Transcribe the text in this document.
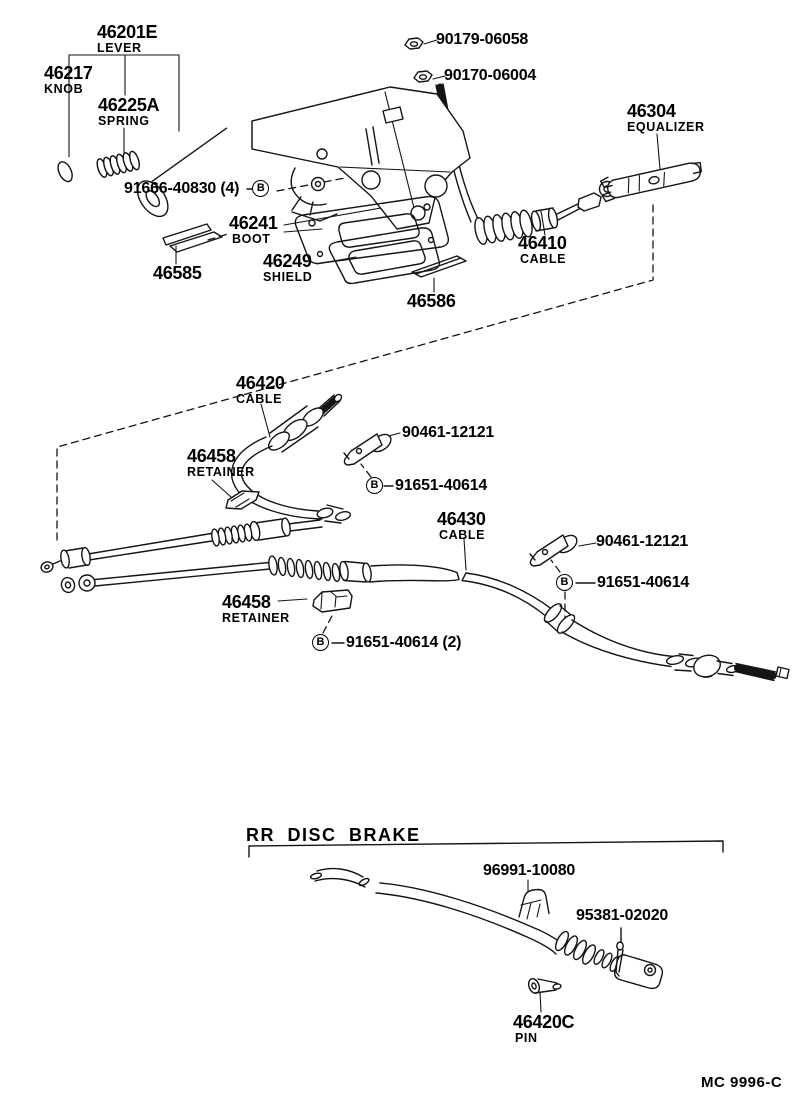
46201E
LEVER
46217
KNOB
46225A
SPRING
91666-40830 (4)	B
90179-06058
90170-06004
46304
EQUALIZER
46241
BOOT
46249
SHIELD
46585
46586
46410
CABLE
46420
CABLE
46458
RETAINER
90461-12121
B 91651-40614
46430
CABLE	90461-12121
B 91651-40614
46458
RETAINER
B 91651-40614 (2)
RR DISC BRAKE
96991-10080
95381-02020
46420C
PIN
MC 9996-C
